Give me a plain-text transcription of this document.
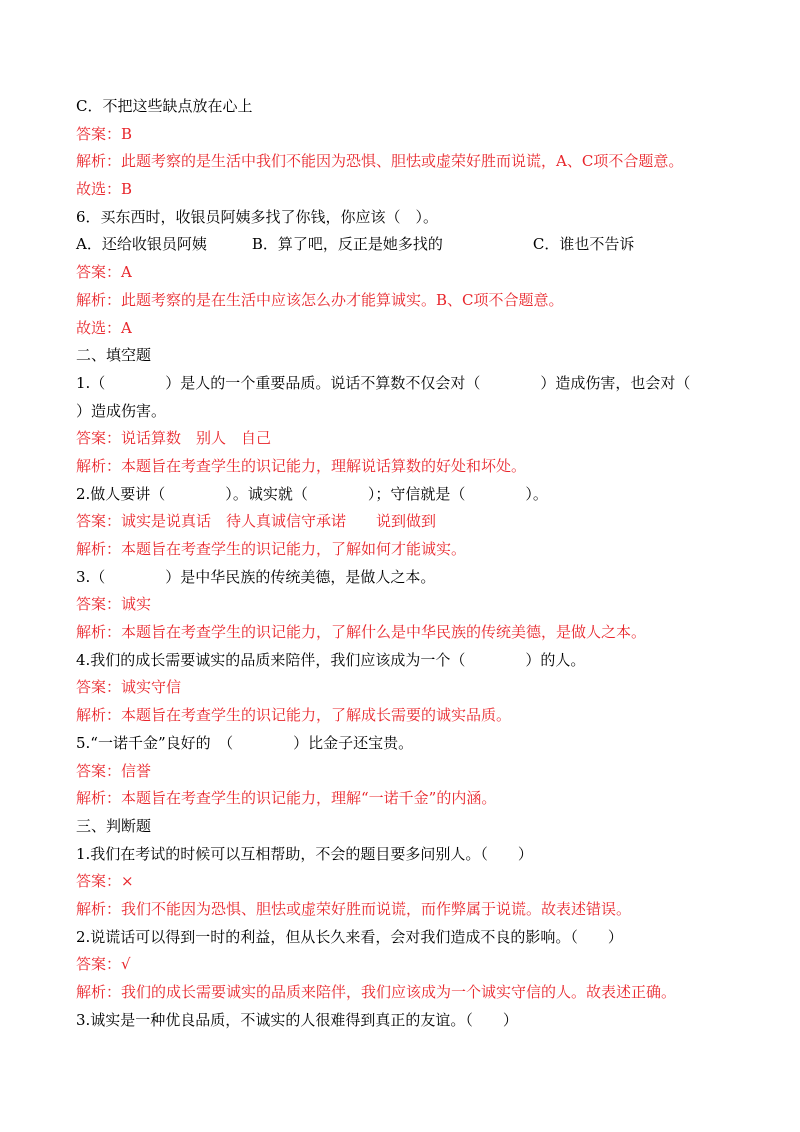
C．不把这些缺点放在心上
答案：B
解析：此题考察的是生活中我们不能因为恐惧、胆怯或虚荣好胜而说谎，A、C项不合题意。
故选：B
6．买东西时，收银员阿姨多找了你钱，你应该（　）。
A．还给收银员阿姨　　　B．算了吧，反正是她多找的　　　　　　C．谁也不告诉
答案：A
解析：此题考察的是在生活中应该怎么办才能算诚实。B、C项不合题意。
故选：A
二、填空题
1.（　　　　）是人的一个重要品质。说话不算数不仅会对（　　　　）造成伤害，也会对（
）造成伤害。
答案：说话算数　别人　自己
解析：本题旨在考查学生的识记能力，理解说话算数的好处和坏处。
2.做人要讲（　　　　）。诚实就（　　　　）；守信就是（　　　　）。
答案：诚实是说真话　待人真诚信守承诺　　说到做到
解析：本题旨在考查学生的识记能力，了解如何才能诚实。
3.（　　　　）是中华民族的传统美德，是做人之本。
答案：诚实
解析：本题旨在考查学生的识记能力，了解什么是中华民族的传统美德，是做人之本。
4.我们的成长需要诚实的品质来陪伴，我们应该成为一个（　　　　）的人。
答案：诚实守信
解析：本题旨在考查学生的识记能力，了解成长需要的诚实品质。
5.“一诺千金”良好的　（　　　　）比金子还宝贵。
答案：信誉
解析：本题旨在考查学生的识记能力，理解“一诺千金”的内涵。
三、判断题
1.我们在考试的时候可以互相帮助，不会的题目要多问别人。（　　）
答案：×
解析：我们不能因为恐惧、胆怯或虚荣好胜而说谎，而作弊属于说谎。故表述错误。
2.说谎话可以得到一时的利益，但从长久来看，会对我们造成不良的影响。（　　）
答案：√
解析：我们的成长需要诚实的品质来陪伴，我们应该成为一个诚实守信的人。故表述正确。
3.诚实是一种优良品质，不诚实的人很难得到真正的友谊。（　　）
